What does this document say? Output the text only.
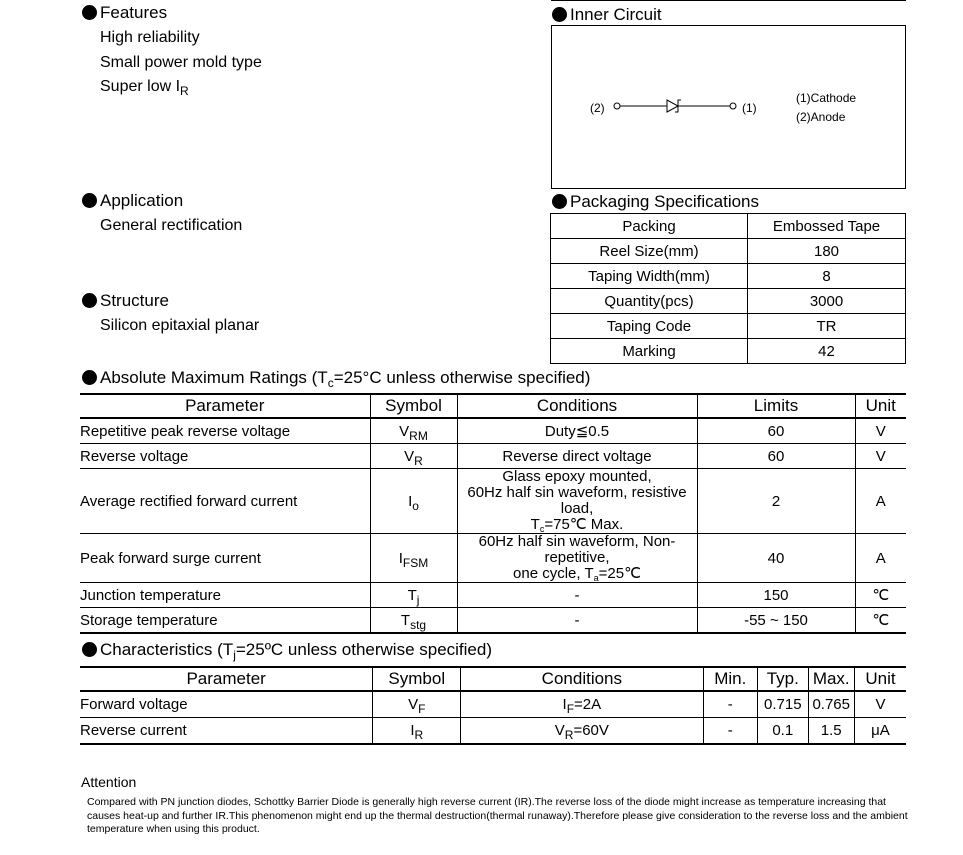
Features
High reliability
Small power mold type
Super low $I_R$
Inner Circuit
(2)	(1)
(1)Cathode
(2)Anode
Application
General rectification
Structure
Silicon epitaxial planar
Packaging Specifications
Packing	Embossed Tape
Reel Size(mm)	180
Taping Width(mm)	8
Quantity(pcs)	3000
Taping Code	TR
Marking	42
Absolute Maximum Ratings ($T_c=25^\circ C$ unless otherwise specified)
Parameter	Symbol	Conditions	Limits	Unit
Repetitive peak reverse voltage	$V_{RM}$	Duty≦0.5	60	V
Reverse voltage	$V_R$	Reverse direct voltage	60	V
Average rectified forward current	$I_o$	Glass epoxy mounted,
60Hz half sin waveform, resistive load,
$T_c=75℃$ Max.	2	A
Peak forward surge current	$I_{FSM}$	60Hz half sin waveform, Non-repetitive,
one cycle, $T_a=25℃$	40	A
Junction temperature	$T_j$	-	150	℃
Storage temperature	$T_{stg}$	-	-55 ~ 150	℃
Characteristics ($T_j=25ºC$ unless otherwise specified)
Parameter	Symbol	Conditions	Min.	Typ.	Max.	Unit
Forward voltage	$V_F$	$I_F=2A$	-	0.715	0.765	V
Reverse current	$I_R$	$V_R=60V$	-	0.1	1.5	μA
Attention
Compared with PN junction diodes, Schottky Barrier Diode is generally high reverse current (IR).The reverse loss of the diode might increase as temperature increasing that causes heat-up and further IR.This phenomenon might end up the thermal destruction(thermal runaway).Therefore please give consideration to the reverse loss and the ambient temperature when using this product.
